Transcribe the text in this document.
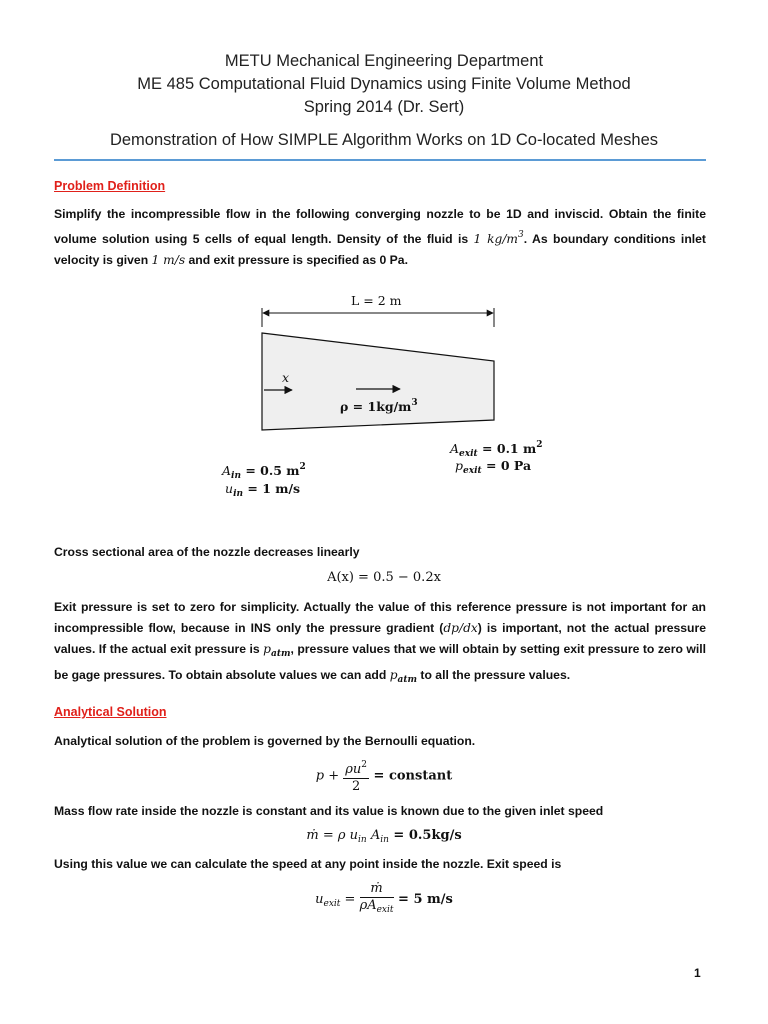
METU Mechanical Engineering Department
ME 485 Computational Fluid Dynamics using Finite Volume Method
Spring 2014 (Dr. Sert)
Demonstration of How SIMPLE Algorithm Works on 1D Co-located Meshes
Problem Definition
Simplify the incompressible flow in the following converging nozzle to be 1D and inviscid. Obtain the finite volume solution using 5 cells of equal length. Density of the fluid is 1 $kg/m^3$. As boundary conditions inlet velocity is given 1 m/s and exit pressure is specified as 0 Pa.
L = 2 m
x
$\rho = 1kg/m^3$
$A_{exit} = 0.1$ $m^2$
$p_{exit} = 0$ Pa
$A_{in} = 0.5$ $m^2$
$u_{in} = 1$ m/s
Cross sectional area of the nozzle decreases linearly
A(x) = 0.5 − 0.2x
Exit pressure is set to zero for simplicity. Actually the value of this reference pressure is not important for an incompressible flow, because in INS only the pressure gradient (dp/dx) is important, not the actual pressure values. If the actual exit pressure is $p_{atm}$, pressure values that we will obtain by setting exit pressure to zero will be gage pressures. To obtain absolute values we can add $p_{atm}$ to all the pressure values.
Analytical Solution
Analytical solution of the problem is governed by the Bernoulli equation.
$p + \frac{\rho u^2}{2}$ = constant
Mass flow rate inside the nozzle is constant and its value is known due to the given inlet speed
ṁ = ρ $u_{in}$ $A_{in} = 0.5kg/s$
Using this value we can calculate the speed at any point inside the nozzle. Exit speed is
$u_{exit} = \frac{\text{ṁ}}{\rho A_{exit}} = 5$ m/s
1
